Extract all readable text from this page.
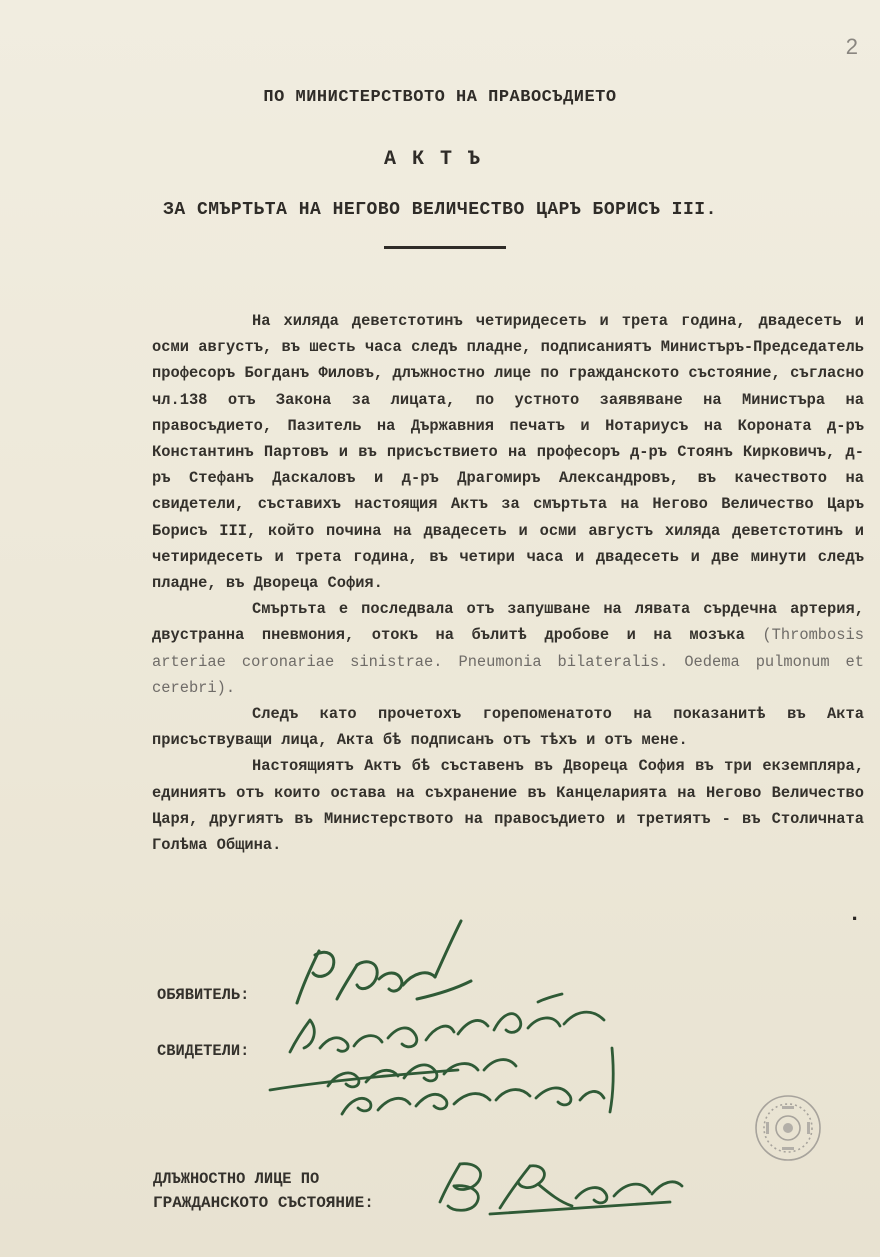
2
ПО МИНИСТЕРСТВОТО НА ПРАВОСЪДИЕТО
АКТЪ
ЗА СМЪРТЬТА НА НЕГОВО ВЕЛИЧЕСТВО ЦАРЪ БОРИСЪ III.

На хиляда деветстотинъ четиридесеть и трета година, двадесеть и осми августъ, въ шесть часа следъ пладне, подписаниятъ Министъръ-Председатель професоръ Богданъ Филовъ, длъжностно лице по гражданското състояние, съгласно чл.138 отъ Закона за лицата, по устното заявяване на Министъра на правосъдието, Пазитель на Държавния печатъ и Нотариусъ на Короната д-ръ Константинъ Партовъ и въ присъствието на професоръ д-ръ Стоянъ Кирковичъ, д-ръ Стефанъ Даскаловъ и д-ръ Драгомиръ Александровъ, въ качеството на свидетели, съставихъ настоящия Актъ за смъртьта на Негово Величество Царъ Борисъ III, който почина на двадесеть и осми августъ хиляда деветстотинъ и четиридесеть и трета година, въ четири часа и двадесеть и две минути следъ пладне, въ Двореца София.

Смъртьта е последвала отъ запушване на лявата сърдечна артерия, двустранна пневмония, отокъ на бълитѣ дробове и на мозъка (Thrombosis arteriae coronariae sinistrae. Pneumonia bilateralis. Oedema pulmonum et cerebri).

Следъ като прочетохъ горепоменатото на показанитѣ въ Акта присъствуващи лица, Акта бѣ подписанъ отъ тѣхъ и отъ мене.

Настоящиятъ Актъ бѣ съставенъ въ Двореца София въ три екземпляра, единиятъ отъ които остава на съхранение въ Канцеларията на Негово Величество Царя, другиятъ въ Министерството на правосъдието и третиятъ - въ Столичната Голѣма Община.

.
ОБЯВИТЕЛЬ:
СВИДЕТЕЛИ:
ДЛЪЖНОСТНО ЛИЦЕ ПО
ГРАЖДАНСКОТО СЪСТОЯНИЕ:
